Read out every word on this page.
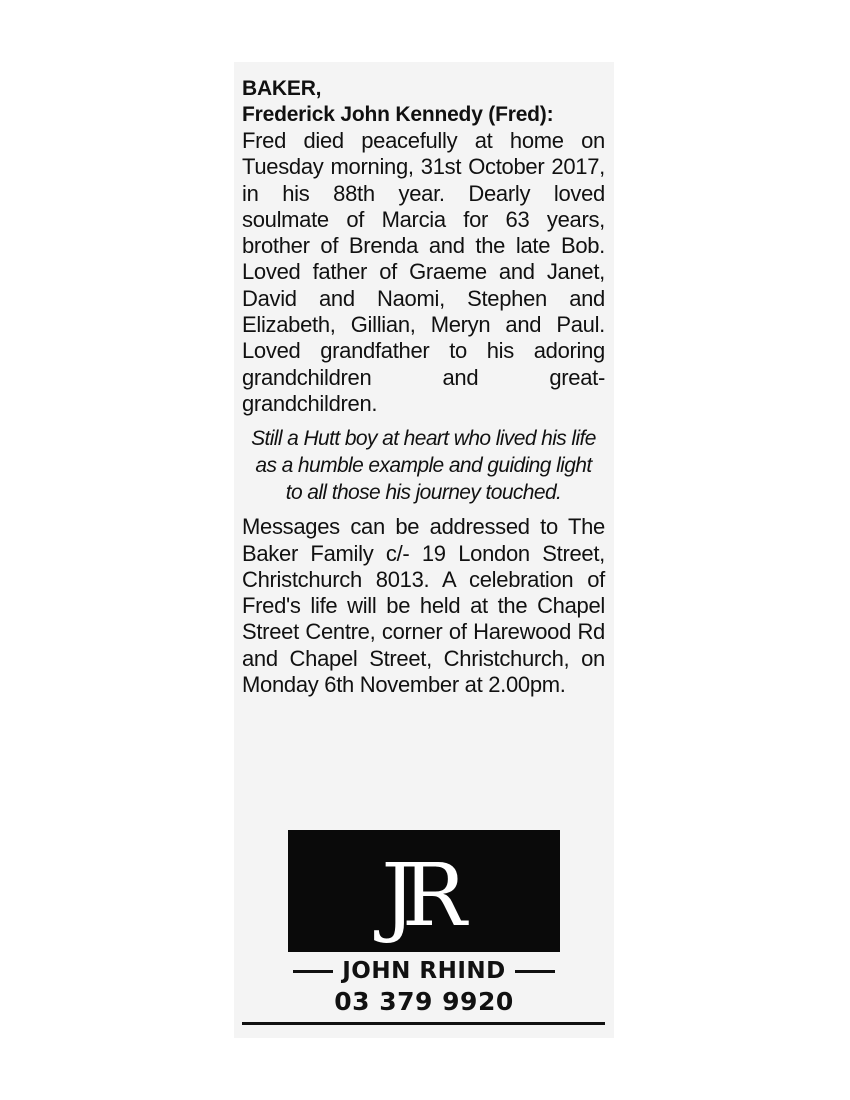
BAKER,
Frederick John Kennedy (Fred):

Fred died peacefully at home on Tuesday morning, 31st October 2017, in his 88th year. Dearly loved soulmate of Marcia for 63 years, brother of Brenda and the late Bob. Loved father of Graeme and Janet, David and Naomi, Stephen and Elizabeth, Gillian, Meryn and Paul. Loved grandfather to his adoring grandchildren and great-grandchildren.

Still a Hutt boy at heart who lived his life as a humble example and guiding light to all those his journey touched.

Messages can be addressed to The Baker Family c/- 19 London Street, Christchurch 8013. A celebration of Fred's life will be held at the Chapel Street Centre, corner of Harewood Rd and Chapel Street, Christchurch, on Monday 6th November at 2.00pm.

JR
JOHN RHIND
03 379 9920
